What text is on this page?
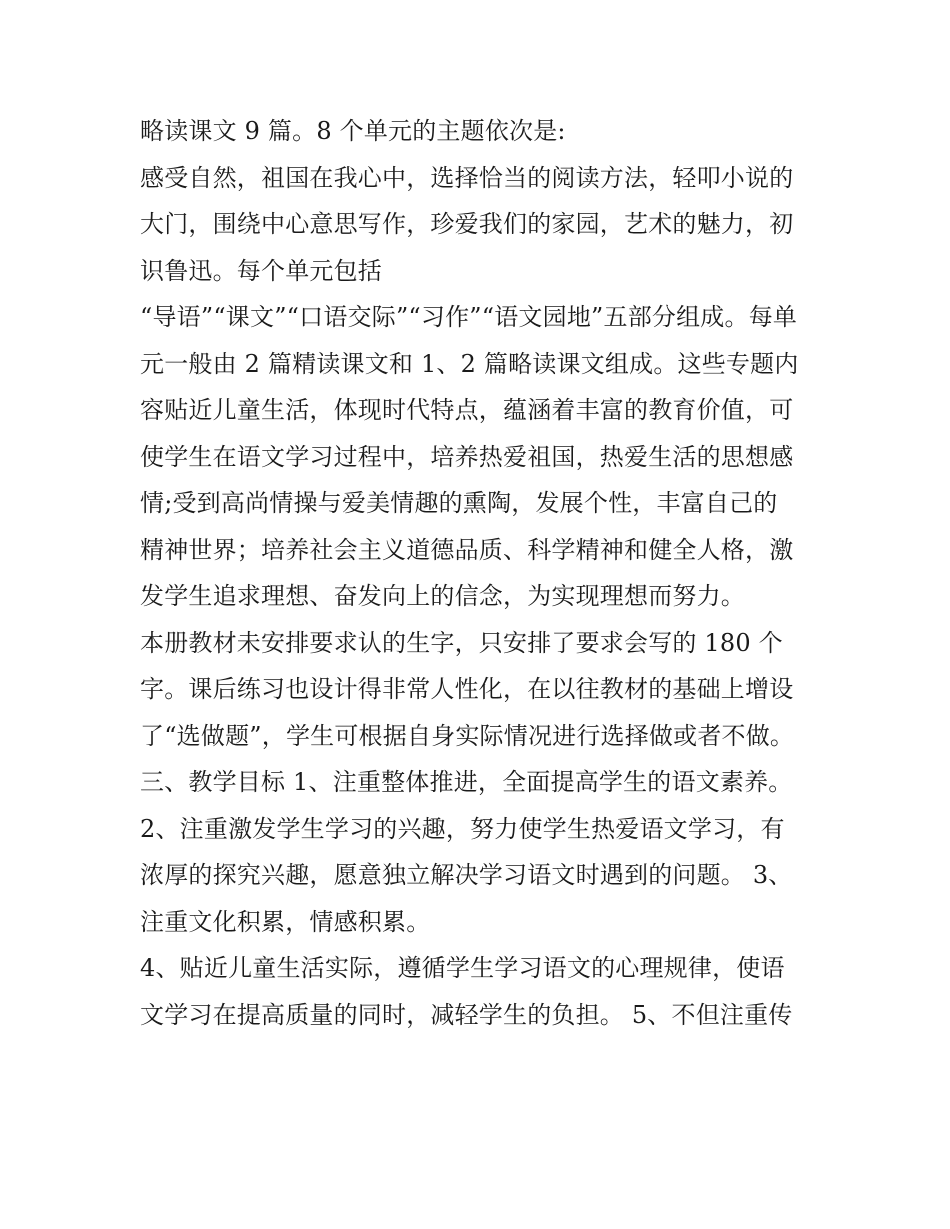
略读课文 9 篇。8 个单元的主题依次是:
感受自然，祖国在我心中，选择恰当的阅读方法，轻叩小说的
大门，围绕中心意思写作，珍爱我们的家园，艺术的魅力，初
识鲁迅。每个单元包括
“导语”“课文”“口语交际”“习作”“语文园地”五部分组成。每单
元一般由 2 篇精读课文和 1、2 篇略读课文组成。这些专题内
容贴近儿童生活，体现时代特点，蕴涵着丰富的教育价值，可
使学生在语文学习过程中，培养热爱祖国，热爱生活的思想感
情;受到高尚情操与爱美情趣的熏陶，发展个性，丰富自己的
精神世界；培养社会主义道德品质、科学精神和健全人格，激
发学生追求理想、奋发向上的信念，为实现理想而努力。
本册教材未安排要求认的生字，只安排了要求会写的 180 个
字。课后练习也设计得非常人性化，在以往教材的基础上增设
了“选做题”，学生可根据自身实际情况进行选择做或者不做。
三、教学目标 1、注重整体推进，全面提高学生的语文素养。
2、注重激发学生学习的兴趣，努力使学生热爱语文学习，有
浓厚的探究兴趣，愿意独立解决学习语文时遇到的问题。 3、
注重文化积累，情感积累。
4、贴近儿童生活实际，遵循学生学习语文的心理规律，使语
文学习在提高质量的同时，减轻学生的负担。 5、不但注重传
